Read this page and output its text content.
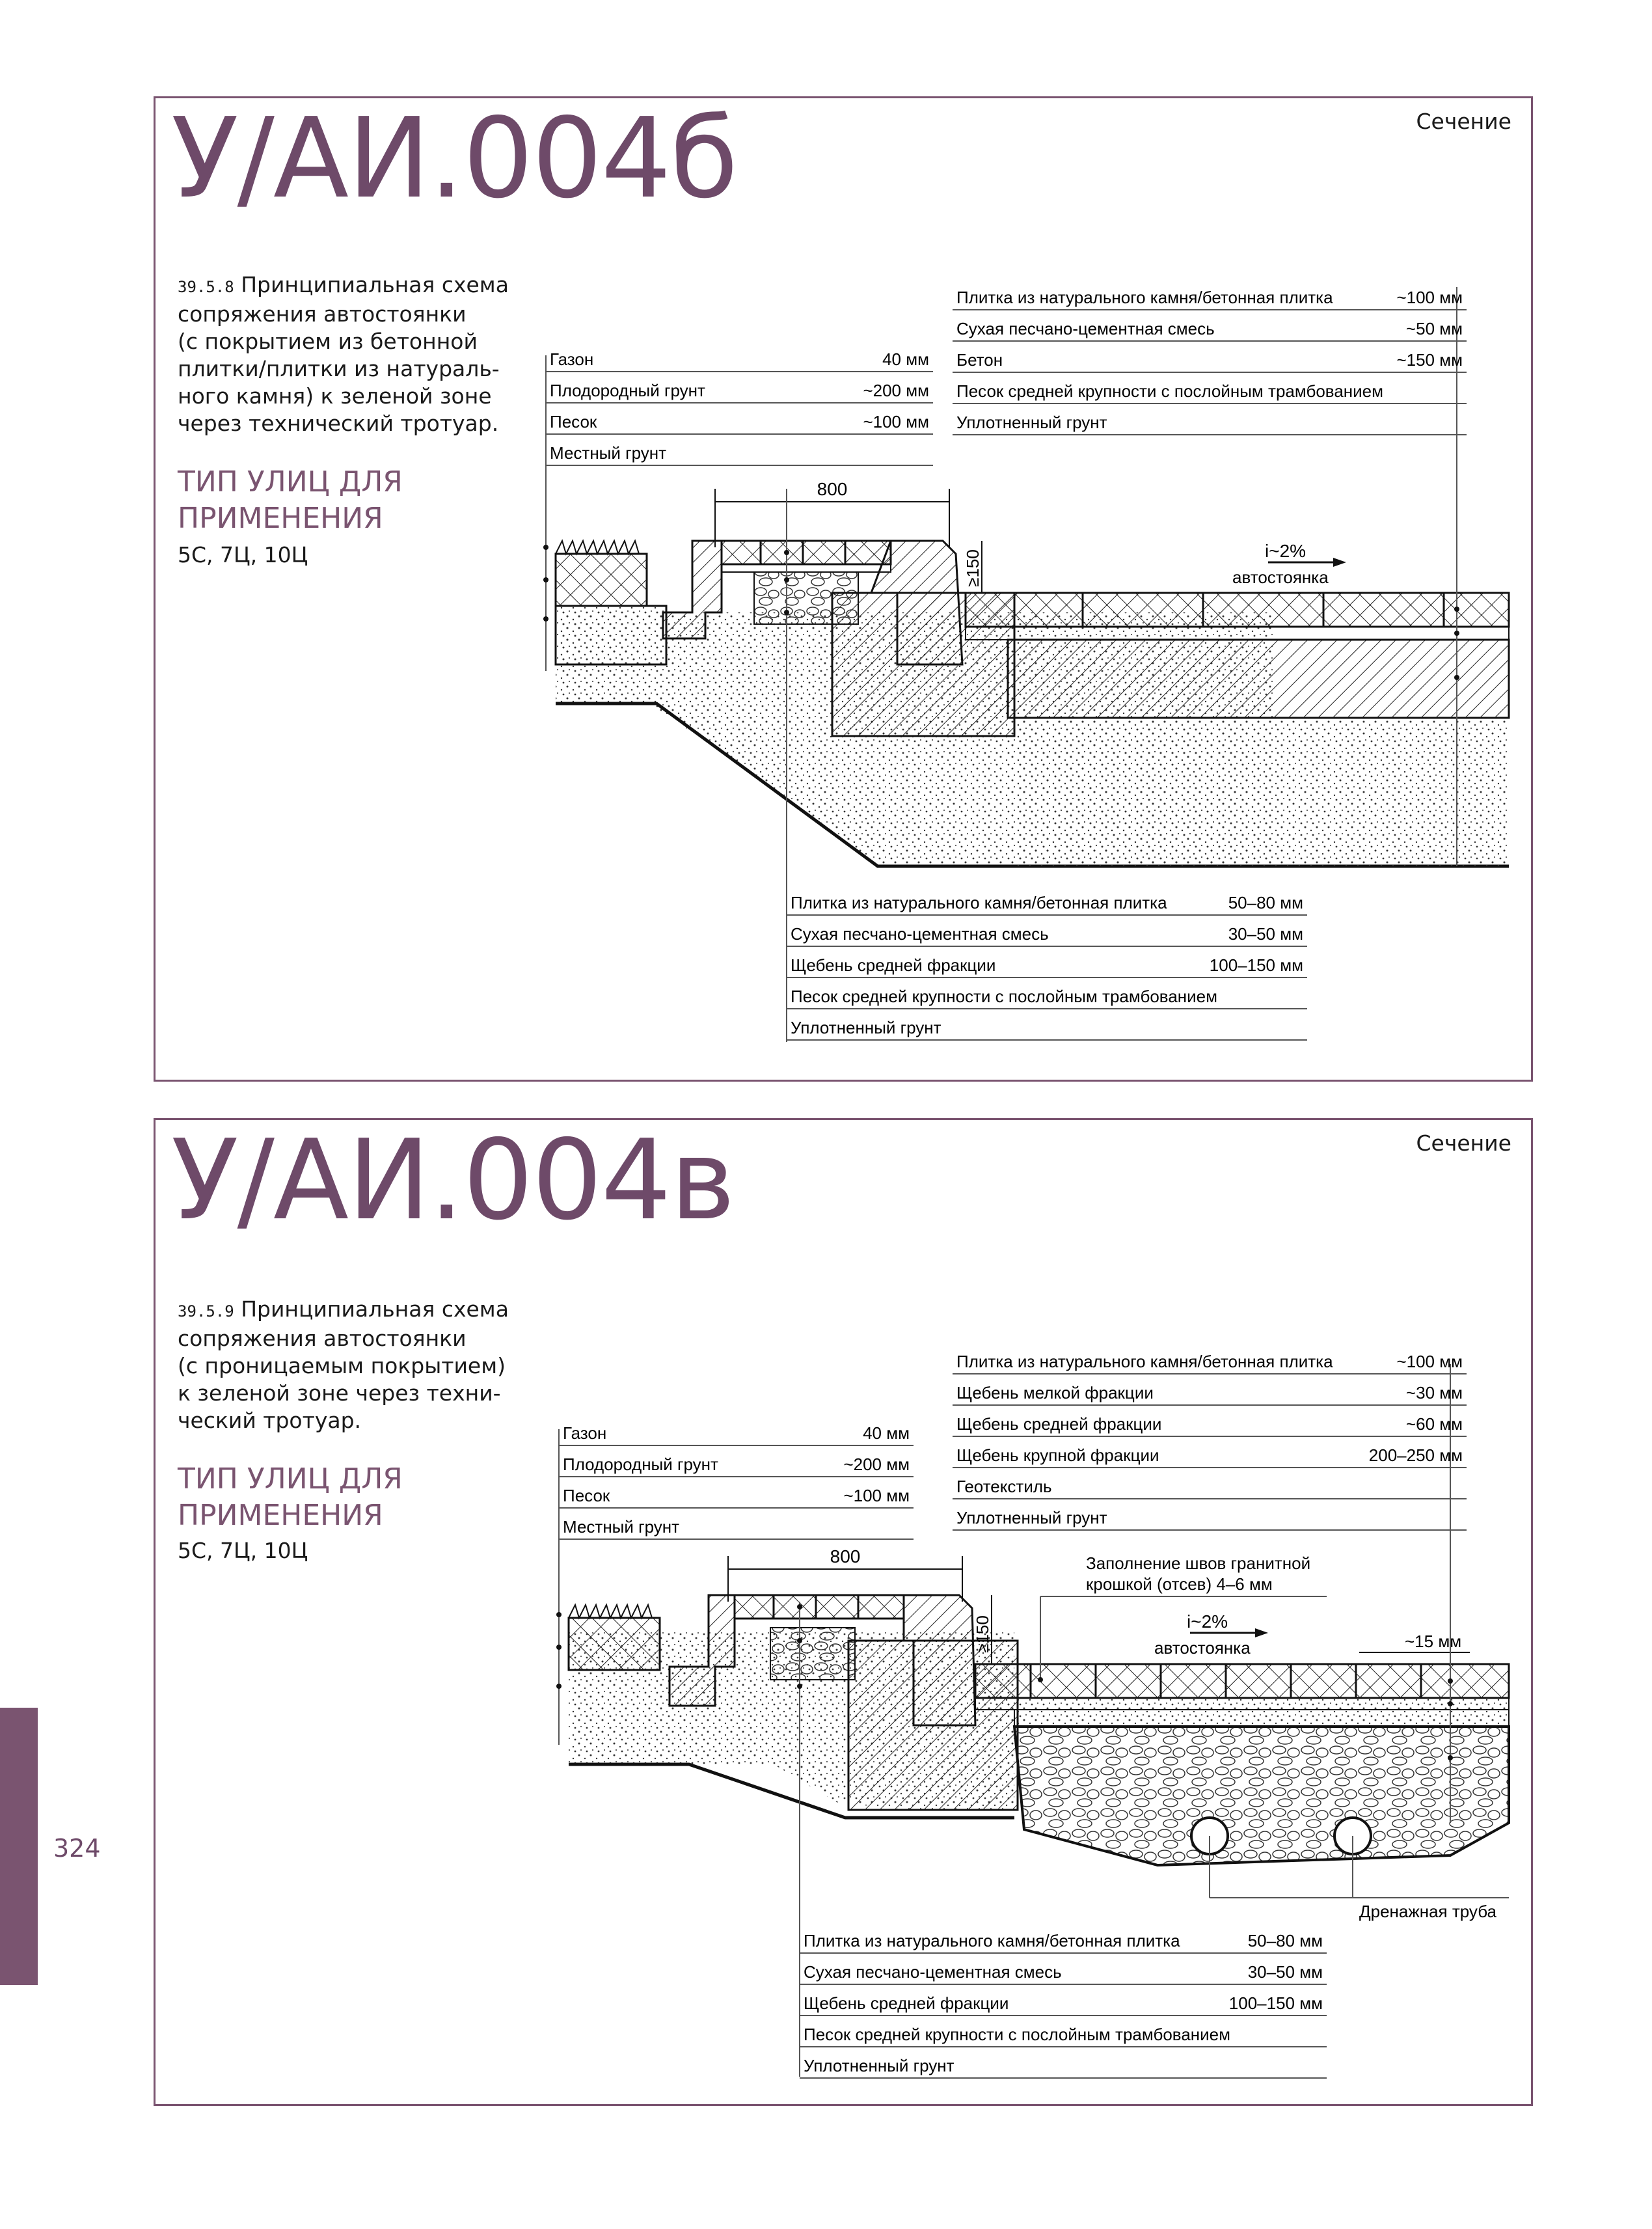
У/АИ.004б	Сечение
39.5.8 Принципиальная схема
сопряжения автостоянки
(с покрытием из бетонной
плитки/плитки из натураль-
ного камня) к зеленой зоне
через технический тротуар.
ТИП УЛИЦ ДЛЯ
ПРИМЕНЕНИЯ
5С, 7Ц, 10Ц
800
≥150	i~2%
автостоянка
Газон	40 мм
Плодородный грунт	~200 мм
Песок	~100 мм
Местный грунт
Плитка из натурального камня/бетонная плитка	~100 мм
Сухая песчано-цементная смесь	~50 мм
Бетон	~150 мм
Песок средней крупности с послойным трамбованием
Уплотненный грунт
Плитка из натурального камня/бетонная плитка	50–80 мм
Сухая песчано-цементная смесь	30–50 мм
Щебень средней фракции	100–150 мм
Песок средней крупности с послойным трамбованием
Уплотненный грунт
У/АИ.004в	Сечение
39.5.9 Принципиальная схема
сопряжения автостоянки
(с проницаемым покрытием)
к зеленой зоне через техни-
ческий тротуар.
ТИП УЛИЦ ДЛЯ
ПРИМЕНЕНИЯ
5С, 7Ц, 10Ц
Дренажная труба
800
≥150
Заполнение швов гранитной
крошкой (отсев) 4–6 мм
~15 мм
i~2%
автостоянка
Газон	40 мм
Плодородный грунт	~200 мм
Песок	~100 мм
Местный грунт
Плитка из натурального камня/бетонная плитка	~100 мм
Щебень мелкой фракции	~30 мм
Щебень средней фракции	~60 мм
Щебень крупной фракции	200–250 мм
Геотекстиль
Уплотненный грунт
Плитка из натурального камня/бетонная плитка	50–80 мм
Сухая песчано-цементная смесь	30–50 мм
Щебень средней фракции	100–150 мм
Песок средней крупности с послойным трамбованием
Уплотненный грунт
324
